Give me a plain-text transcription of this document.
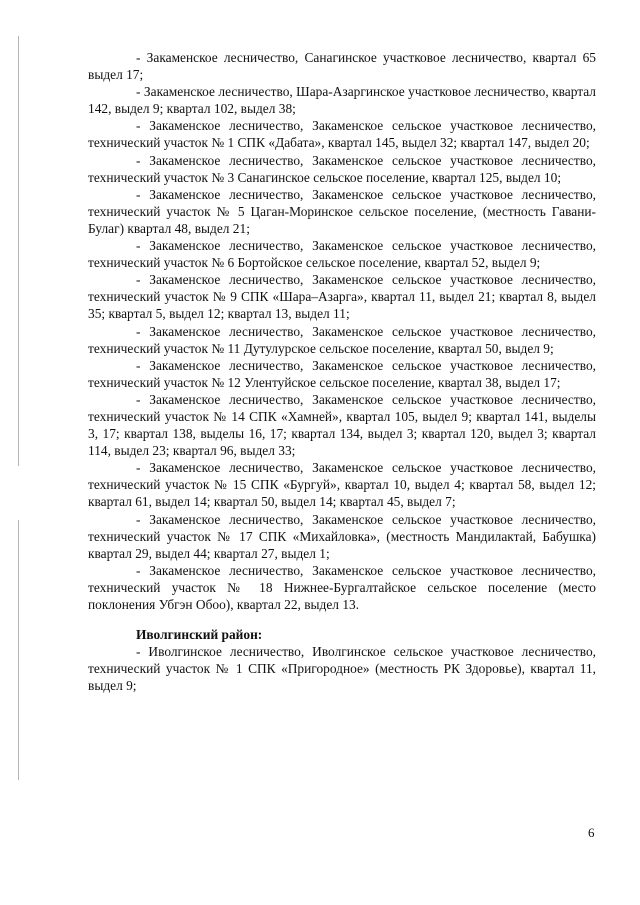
- Закаменское лесничество, Санагинское участковое лесничество, квартал 65 выдел 17;

- Закаменское лесничество, Шара-Азаргинское участковое лесничество, квартал 142, выдел 9; квартал 102, выдел 38;

- Закаменское лесничество, Закаменское сельское участковое лесничество, технический участок № 1 СПК «Дабата», квартал 145, выдел 32; квартал 147, выдел 20;

- Закаменское лесничество, Закаменское сельское участковое лесничество, технический участок № 3 Санагинское сельское поселение, квартал 125, выдел 10;

- Закаменское лесничество, Закаменское сельское участковое лесничество, технический участок № 5 Цаган-Моринское сельское поселение, (местность Гавани-Булаг) квартал 48, выдел 21;

- Закаменское лесничество, Закаменское сельское участковое лесничество, технический участок № 6 Бортойское сельское поселение, квартал 52, выдел 9;

- Закаменское лесничество, Закаменское сельское участковое лесничество, технический участок № 9 СПК «Шара–Азарга», квартал 11, выдел 21; квартал 8, выдел 35; квартал 5, выдел 12; квартал 13, выдел 11;

- Закаменское лесничество, Закаменское сельское участковое лесничество, технический участок № 11 Дутулурское сельское поселение, квартал 50, выдел 9;

- Закаменское лесничество, Закаменское сельское участковое лесничество, технический участок № 12 Улентуйское сельское поселение, квартал 38, выдел 17;

- Закаменское лесничество, Закаменское сельское участковое лесничество, технический участок № 14 СПК «Хамней», квартал 105, выдел 9; квартал 141, выделы 3, 17; квартал 138, выделы 16, 17; квартал 134, выдел 3; квартал 120, выдел 3; квартал 114, выдел 23; квартал 96, выдел 33;

- Закаменское лесничество, Закаменское сельское участковое лесничество, технический участок № 15 СПК «Бургуй», квартал 10, выдел 4; квартал 58, выдел 12; квартал 61, выдел 14; квартал 50, выдел 14; квартал 45, выдел 7;

- Закаменское лесничество, Закаменское сельское участковое лесничество, технический участок № 17 СПК «Михайловка», (местность Мандилактай, Бабушка) квартал 29, выдел 44; квартал 27, выдел 1;

- Закаменское лесничество, Закаменское сельское участковое лесничество, технический участок № 18 Нижнее-Бургалтайское сельское поселение (место поклонения Убгэн Обоо), квартал 22, выдел 13.

Иволгинский район:

- Иволгинское лесничество, Иволгинское сельское участковое лесничество, технический участок № 1 СПК «Пригородное» (местность РК Здоровье), квартал 11, выдел 9;

6
